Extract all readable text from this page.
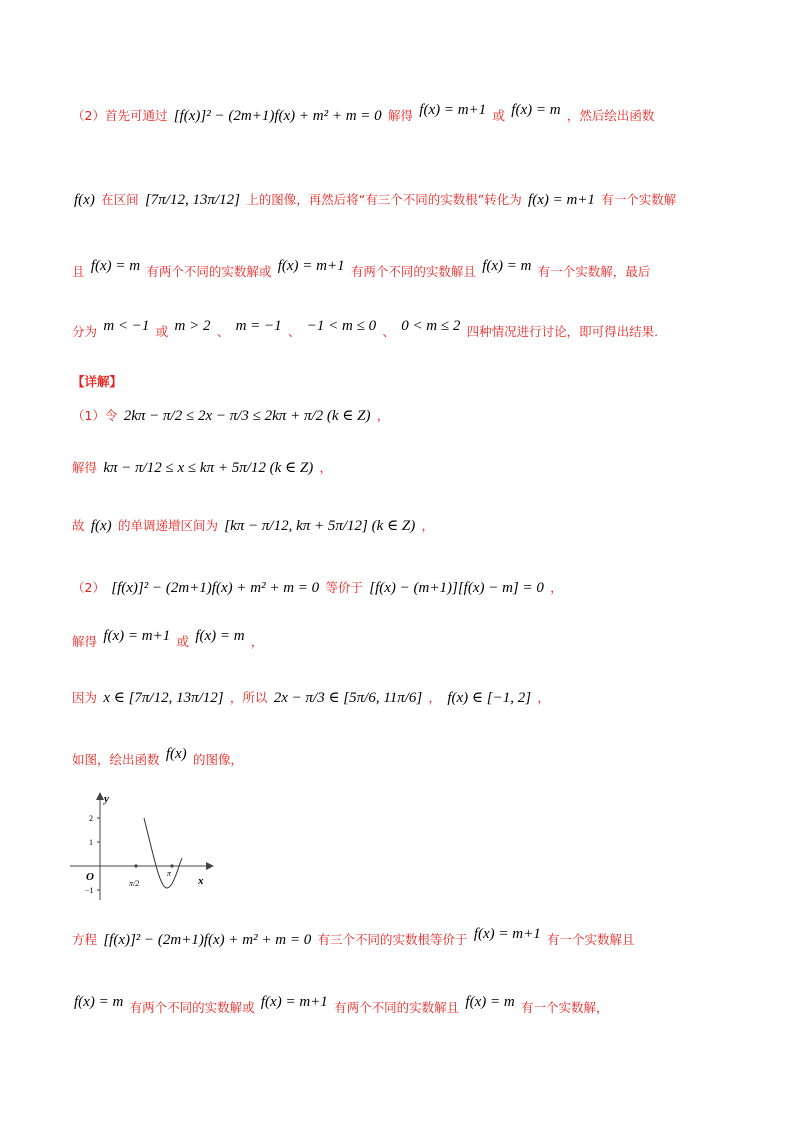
（2）首先可通过 [f(x)]² − (2m+1)f(x) + m² + m = 0 解得 f(x) = m+1 或 f(x) = m ，然后绘出函数
f(x) 在区间 [7π/12, 13π/12] 上的图像，再然后将“有三个不同的实数根”转化为 f(x) = m+1 有一个实数解
且 f(x) = m 有两个不同的实数解或 f(x) = m+1 有两个不同的实数解且 f(x) = m 有一个实数解，最后
分为 m < −1 或 m > 2 、 m = −1 、 −1 < m ≤ 0 、 0 < m ≤ 2 四种情况进行讨论，即可得出结果.
【详解】
（1）令 2kπ − π/2 ≤ 2x − π/3 ≤ 2kπ + π/2 (k ∈ Z) ，
解得 kπ − π/12 ≤ x ≤ kπ + 5π/12 (k ∈ Z) ，
故 f(x) 的单调递增区间为 [kπ − π/12, kπ + 5π/12] (k ∈ Z) ，
（2） [f(x)]² − (2m+1)f(x) + m² + m = 0 等价于 [f(x) − (m+1)][f(x) − m] = 0 ，
解得 f(x) = m+1 或 f(x) = m ，
因为 x ∈ [7π/12, 13π/12] ，所以 2x − π/3 ∈ [5π/6, 11π/6] ， f(x) ∈ [−1, 2] ，
如图，绘出函数 f(x) 的图像，
y
x
O
2
1
−1
π/2
π
方程 [f(x)]² − (2m+1)f(x) + m² + m = 0 有三个不同的实数根等价于 f(x) = m+1 有一个实数解且
f(x) = m 有两个不同的实数解或 f(x) = m+1 有两个不同的实数解且 f(x) = m 有一个实数解，
